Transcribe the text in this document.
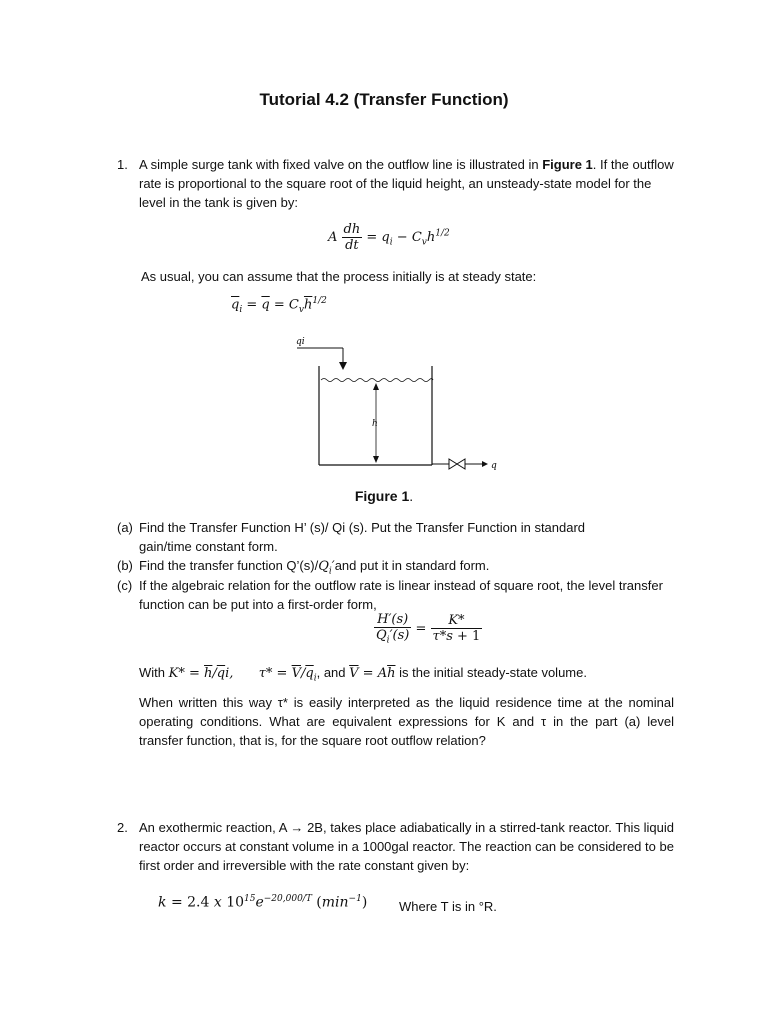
Tutorial 4.2 (Transfer Function)
1. A simple surge tank with fixed valve on the outflow line is illustrated in Figure 1. If the outflow rate is proportional to the square root of the liquid height, an unsteady-state model for the level in the tank is given by:
A $\frac{dh}{dt} = q_i - C_vh^{1/2}$
As usual, you can assume that the process initially is at steady state:
$\overline{q}_i = \overline{q} = C_v\overline{h}^{1/2}$
qi
h
q
Figure 1.
(a) Find the Transfer Function H’ (s)/ Qi (s). Put the Transfer Function in standard gain/time constant form.
(b) Find the transfer function $Q’(s)/Q_i'and$ put it in standard form.
(c) If the algebraic relation for the outflow rate is linear instead of square root, the level transfer function can be put into a first-order form,
$\frac{H'(s)}{Q_i'(s)} = \frac{K*}{\tau*s + 1}$
With $K* = \overline{h}/\overline{q}i$, $\tau* = \overline{V}/\overline{q}_i$, and $\overline{V} = A\overline{h}$ is the initial steady-state volume.
When written this way τ* is easily interpreted as the liquid residence time at the nominal operating conditions. What are equivalent expressions for K and τ in the part (a) level transfer function, that is, for the square root outflow relation?
2. An exothermic reaction, A → 2B, takes place adiabatically in a stirred-tank reactor. This liquid reactor occurs at constant volume in a 1000gal reactor. The reaction can be considered to be first order and irreversible with the rate constant given by:
k = 2.4 x $10^{15}e^{-20,000/T}$ $(\min^{-1})$ Where T is in °R.
